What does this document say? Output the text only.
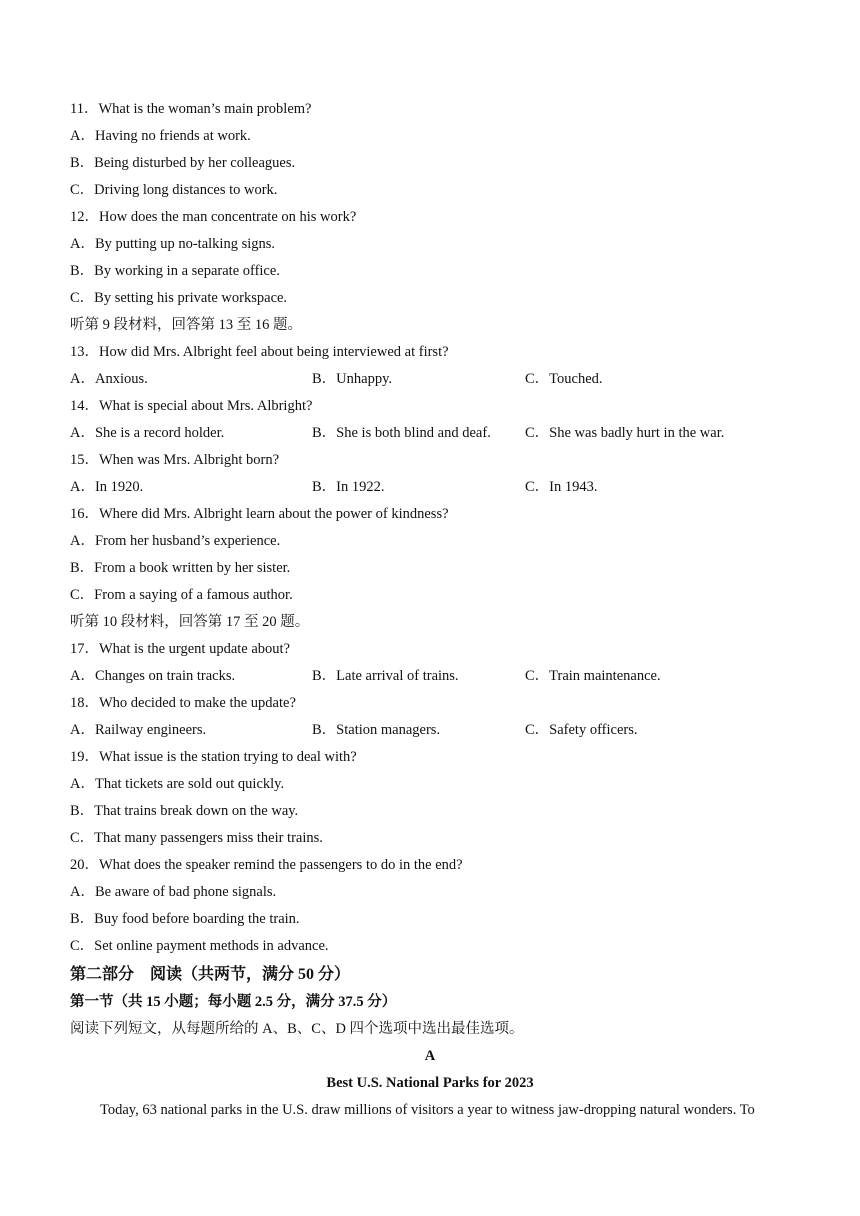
11．What is the woman’s main problem?
A．Having no friends at work.
B．Being disturbed by her colleagues.
C．Driving long distances to work.
12．How does the man concentrate on his work?
A．By putting up no-talking signs.
B．By working in a separate office.
C．By setting his private workspace.
听第 9 段材料，回答第 13 至 16 题。
13．How did Mrs. Albright feel about being interviewed at first?
A．Anxious.	B．Unhappy.	C．Touched.
14．What is special about Mrs. Albright?
A．She is a record holder.	B．She is both blind and deaf. C．She was badly hurt in the war.
15．When was Mrs. Albright born?
A．In 1920.	B．In 1922.	C．In 1943.
16．Where did Mrs. Albright learn about the power of kindness?
A．From her husband’s experience.
B．From a book written by her sister.
C．From a saying of a famous author.
听第 10 段材料，回答第 17 至 20 题。
17．What is the urgent update about?
A．Changes on train tracks.	B．Late arrival of trains.	C．Train maintenance.
18．Who decided to make the update?
A．Railway engineers.	B．Station managers.	C．Safety officers.
19．What issue is the station trying to deal with?
A．That tickets are sold out quickly.
B．That trains break down on the way.
C．That many passengers miss their trains.
20．What does the speaker remind the passengers to do in the end?
A．Be aware of bad phone signals.
B．Buy food before boarding the train.
C．Set online payment methods in advance.
第二部分　阅读（共两节，满分 50 分）
第一节（共 15 小题；每小题 2.5 分，满分 37.5 分）
阅读下列短文，从每题所给的 A、B、C、D 四个选项中选出最佳选项。
A
Best U.S. National Parks for 2023
Today, 63 national parks in the U.S. draw millions of visitors a year to witness jaw-dropping natural wonders. To
